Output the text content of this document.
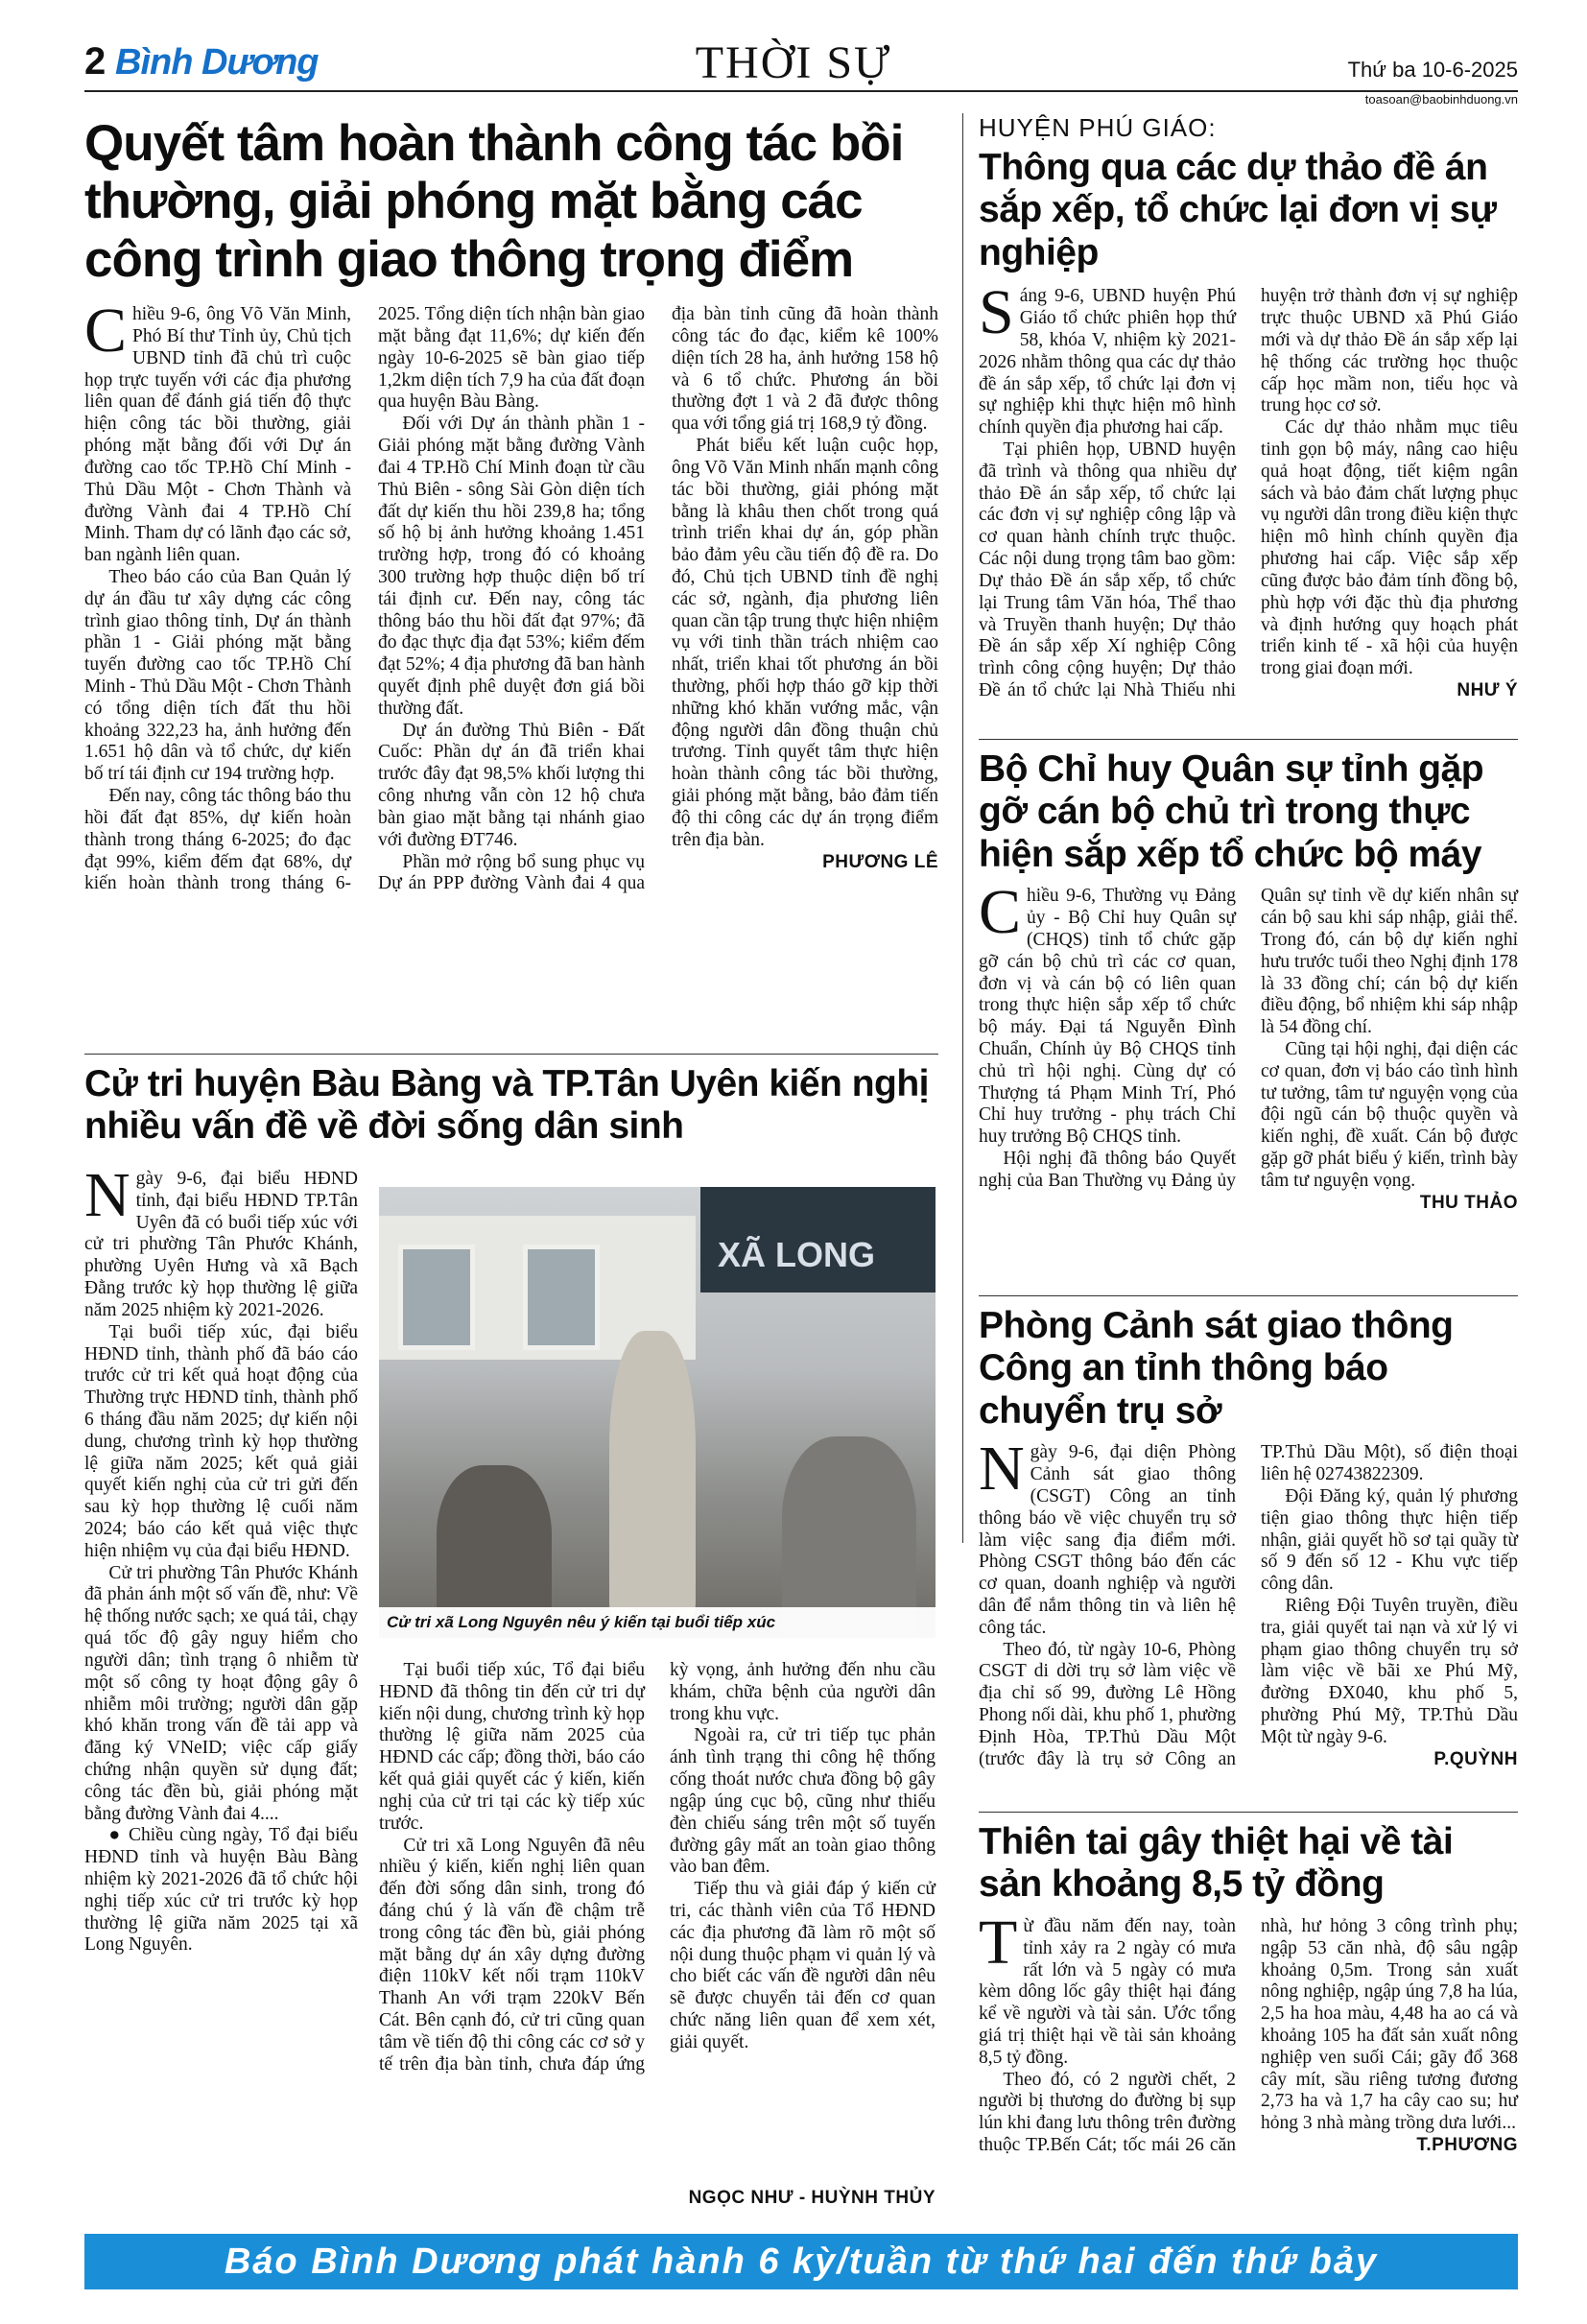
2 Bình Dương	THỜI SỰ	Thứ ba 10-6-2025
toasoan@baobinhduong.vn
Quyết tâm hoàn thành công tác bồi thường, giải phóng mặt bằng các công trình giao thông trọng điểm

Chiều 9-6, ông Võ Văn Minh, Phó Bí thư Tỉnh ủy, Chủ tịch UBND tỉnh đã chủ trì cuộc họp trực tuyến với các địa phương liên quan để đánh giá tiến độ thực hiện công tác bồi thường, giải phóng mặt bằng đối với Dự án đường cao tốc TP.Hồ Chí Minh - Thủ Dầu Một - Chơn Thành và đường Vành đai 4 TP.Hồ Chí Minh. Tham dự có lãnh đạo các sở, ban ngành liên quan.

Theo báo cáo của Ban Quản lý dự án đầu tư xây dựng các công trình giao thông tỉnh, Dự án thành phần 1 - Giải phóng mặt bằng tuyến đường cao tốc TP.Hồ Chí Minh - Thủ Dầu Một - Chơn Thành có tổng diện tích đất thu hồi khoảng 322,23 ha, ảnh hưởng đến 1.651 hộ dân và tổ chức, dự kiến bố trí tái định cư 194 trường hợp.

Đến nay, công tác thông báo thu hồi đất đạt 85%, dự kiến hoàn thành trong tháng 6-2025; đo đạc đạt 99%, kiểm đếm đạt 68%, dự kiến hoàn thành trong tháng 6-2025. Tổng diện tích nhận bàn giao mặt bằng đạt 11,6%; dự kiến đến ngày 10-6-2025 sẽ bàn giao tiếp 1,2km diện tích 7,9 ha của đất đoạn qua huyện Bàu Bàng.

Đối với Dự án thành phần 1 - Giải phóng mặt bằng đường Vành đai 4 TP.Hồ Chí Minh đoạn từ cầu Thủ Biên - sông Sài Gòn diện tích đất dự kiến thu hồi 239,8 ha; tổng số hộ bị ảnh hưởng khoảng 1.451 trường hợp, trong đó có khoảng 300 trường hợp thuộc diện bố trí tái định cư. Đến nay, công tác thông báo thu hồi đất đạt 97%; đã đo đạc thực địa đạt 53%; kiểm đếm đạt 52%; 4 địa phương đã ban hành quyết định phê duyệt đơn giá bồi thường đất.

Dự án đường Thủ Biên - Đất Cuốc: Phần dự án đã triển khai trước đây đạt 98,5% khối lượng thi công nhưng vẫn còn 12 hộ chưa bàn giao mặt bằng tại nhánh giao với đường ĐT746.

Phần mở rộng bổ sung phục vụ Dự án PPP đường Vành đai 4 qua địa bàn tỉnh cũng đã hoàn thành công tác đo đạc, kiểm kê 100% diện tích 28 ha, ảnh hưởng 158 hộ và 6 tổ chức. Phương án bồi thường đợt 1 và 2 đã được thông qua với tổng giá trị 168,9 tỷ đồng.

Phát biểu kết luận cuộc họp, ông Võ Văn Minh nhấn mạnh công tác bồi thường, giải phóng mặt bằng là khâu then chốt trong quá trình triển khai dự án, góp phần bảo đảm yêu cầu tiến độ đề ra. Do đó, Chủ tịch UBND tỉnh đề nghị các sở, ngành, địa phương liên quan cần tập trung thực hiện nhiệm vụ với tinh thần trách nhiệm cao nhất, triển khai tốt phương án bồi thường, phối hợp tháo gỡ kịp thời những khó khăn vướng mắc, vận động người dân đồng thuận chủ trương. Tỉnh quyết tâm thực hiện hoàn thành công tác bồi thường, giải phóng mặt bằng, bảo đảm tiến độ thi công các dự án trọng điểm trên địa bàn.

PHƯƠNG LÊ
Cử tri huyện Bàu Bàng và TP.Tân Uyên kiến nghị nhiều vấn đề về đời sống dân sinh

Ngày 9-6, đại biểu HĐND tỉnh, đại biểu HĐND TP.Tân Uyên đã có buổi tiếp xúc với cử tri phường Tân Phước Khánh, phường Uyên Hưng và xã Bạch Đằng trước kỳ họp thường lệ giữa năm 2025 nhiệm kỳ 2021-2026.

Tại buổi tiếp xúc, đại biểu HĐND tỉnh, thành phố đã báo cáo trước cử tri kết quả hoạt động của Thường trực HĐND tỉnh, thành phố 6 tháng đầu năm 2025; dự kiến nội dung, chương trình kỳ họp thường lệ giữa năm 2025; kết quả giải quyết kiến nghị của cử tri gửi đến sau kỳ họp thường lệ cuối năm 2024; báo cáo kết quả việc thực hiện nhiệm vụ của đại biểu HĐND.

Cử tri phường Tân Phước Khánh đã phản ánh một số vấn đề, như: Về hệ thống nước sạch; xe quá tải, chạy quá tốc độ gây nguy hiểm cho người dân; tình trạng ô nhiễm từ một số công ty hoạt động gây ô nhiễm môi trường; người dân gặp khó khăn trong vấn đề tải app và đăng ký VNeID; việc cấp giấy chứng nhận quyền sử dụng đất; công tác đền bù, giải phóng mặt bằng đường Vành đai 4....

● Chiều cùng ngày, Tổ đại biểu HĐND tỉnh và huyện Bàu Bàng nhiệm kỳ 2021-2026 đã tổ chức hội nghị tiếp xúc cử tri trước kỳ họp thường lệ giữa năm 2025 tại xã Long Nguyên.

XÃ LONG
Cử tri xã Long Nguyên nêu ý kiến tại buổi tiếp xúc

Tại buổi tiếp xúc, Tổ đại biểu HĐND đã thông tin đến cử tri dự kiến nội dung, chương trình kỳ họp thường lệ giữa năm 2025 của HĐND các cấp; đồng thời, báo cáo kết quả giải quyết các ý kiến, kiến nghị của cử tri tại các kỳ tiếp xúc trước.

Cử tri xã Long Nguyên đã nêu nhiều ý kiến, kiến nghị liên quan đến đời sống dân sinh, trong đó đáng chú ý là vấn đề chậm trễ trong công tác đền bù, giải phóng mặt bằng dự án xây dựng đường điện 110kV kết nối trạm 110kV Thanh An với trạm 220kV Bến Cát. Bên cạnh đó, cử tri cũng quan tâm về tiến độ thi công các cơ sở y tế trên địa bàn tỉnh, chưa đáp ứng kỳ vọng, ảnh hưởng đến nhu cầu khám, chữa bệnh của người dân trong khu vực.

Ngoài ra, cử tri tiếp tục phản ánh tình trạng thi công hệ thống cống thoát nước chưa đồng bộ gây ngập úng cục bộ, cũng như thiếu đèn chiếu sáng trên một số tuyến đường gây mất an toàn giao thông vào ban đêm.

Tiếp thu và giải đáp ý kiến cử tri, các thành viên của Tổ HĐND các địa phương đã làm rõ một số nội dung thuộc phạm vi quản lý và cho biết các vấn đề người dân nêu sẽ được chuyển tải đến cơ quan chức năng liên quan để xem xét, giải quyết.

NGỌC NHƯ - HUỲNH THỦY
HUYỆN PHÚ GIÁO:
Thông qua các dự thảo đề án sắp xếp, tổ chức lại đơn vị sự nghiệp

Sáng 9-6, UBND huyện Phú Giáo tổ chức phiên họp thứ 58, khóa V, nhiệm kỳ 2021-2026 nhằm thông qua các dự thảo đề án sắp xếp, tổ chức lại đơn vị sự nghiệp khi thực hiện mô hình chính quyền địa phương hai cấp.

Tại phiên họp, UBND huyện đã trình và thông qua nhiều dự thảo Đề án sắp xếp, tổ chức lại các đơn vị sự nghiệp công lập và cơ quan hành chính trực thuộc. Các nội dung trọng tâm bao gồm: Dự thảo Đề án sắp xếp, tổ chức lại Trung tâm Văn hóa, Thể thao và Truyền thanh huyện; Dự thảo Đề án sắp xếp Xí nghiệp Công trình công cộng huyện; Dự thảo Đề án tổ chức lại Nhà Thiếu nhi huyện trở thành đơn vị sự nghiệp trực thuộc UBND xã Phú Giáo mới và dự thảo Đề án sắp xếp lại hệ thống các trường học thuộc cấp học mầm non, tiểu học và trung học cơ sở.

Các dự thảo nhằm mục tiêu tinh gọn bộ máy, nâng cao hiệu quả hoạt động, tiết kiệm ngân sách và bảo đảm chất lượng phục vụ người dân trong điều kiện thực hiện mô hình chính quyền địa phương hai cấp. Việc sắp xếp cũng được bảo đảm tính đồng bộ, phù hợp với đặc thù địa phương và định hướng quy hoạch phát triển kinh tế - xã hội của huyện trong giai đoạn mới.

NHƯ Ý
Bộ Chỉ huy Quân sự tỉnh gặp gỡ cán bộ chủ trì trong thực hiện sắp xếp tổ chức bộ máy

Chiều 9-6, Thường vụ Đảng ủy - Bộ Chỉ huy Quân sự (CHQS) tỉnh tổ chức gặp gỡ cán bộ chủ trì các cơ quan, đơn vị và cán bộ có liên quan trong thực hiện sắp xếp tổ chức bộ máy. Đại tá Nguyễn Đình Chuẩn, Chính ủy Bộ CHQS tỉnh chủ trì hội nghị. Cùng dự có Thượng tá Phạm Minh Trí, Phó Chỉ huy trưởng - phụ trách Chỉ huy trưởng Bộ CHQS tỉnh.

Hội nghị đã thông báo Quyết nghị của Ban Thường vụ Đảng ủy Quân sự tỉnh về dự kiến nhân sự cán bộ sau khi sáp nhập, giải thể. Trong đó, cán bộ dự kiến nghỉ hưu trước tuổi theo Nghị định 178 là 33 đồng chí; cán bộ dự kiến điều động, bổ nhiệm khi sáp nhập là 54 đồng chí.

Cũng tại hội nghị, đại diện các cơ quan, đơn vị báo cáo tình hình tư tưởng, tâm tư nguyện vọng của đội ngũ cán bộ thuộc quyền và kiến nghị, đề xuất. Cán bộ được gặp gỡ phát biểu ý kiến, trình bày tâm tư nguyện vọng.

THU THẢO
Phòng Cảnh sát giao thông Công an tỉnh thông báo chuyển trụ sở

Ngày 9-6, đại diện Phòng Cảnh sát giao thông (CSGT) Công an tỉnh thông báo về việc chuyển trụ sở làm việc sang địa điểm mới. Phòng CSGT thông báo đến các cơ quan, doanh nghiệp và người dân để nắm thông tin và liên hệ công tác.

Theo đó, từ ngày 10-6, Phòng CSGT di dời trụ sở làm việc về địa chỉ số 99, đường Lê Hồng Phong nối dài, khu phố 1, phường Định Hòa, TP.Thủ Dầu Một (trước đây là trụ sở Công an TP.Thủ Dầu Một), số điện thoại liên hệ 02743822309.

Đội Đăng ký, quản lý phương tiện giao thông thực hiện tiếp nhận, giải quyết hồ sơ tại quầy từ số 9 đến số 12 - Khu vực tiếp công dân.

Riêng Đội Tuyên truyền, điều tra, giải quyết tai nạn và xử lý vi phạm giao thông chuyển trụ sở làm việc về bãi xe Phú Mỹ, đường ĐX040, khu phố 5, phường Phú Mỹ, TP.Thủ Dầu Một từ ngày 9-6.

P.QUỲNH
Thiên tai gây thiệt hại về tài sản khoảng 8,5 tỷ đồng

Từ đầu năm đến nay, toàn tỉnh xảy ra 2 ngày có mưa rất lớn và 5 ngày có mưa kèm dông lốc gây thiệt hại đáng kể về người và tài sản. Ước tổng giá trị thiệt hại về tài sản khoảng 8,5 tỷ đồng.

Theo đó, có 2 người chết, 2 người bị thương do đường bị sụp lún khi đang lưu thông trên đường thuộc TP.Bến Cát; tốc mái 26 căn nhà, hư hỏng 3 công trình phụ; ngập 53 căn nhà, độ sâu ngập khoảng 0,5m. Trong sản xuất nông nghiệp, ngập úng 7,8 ha lúa, 2,5 ha hoa màu, 4,48 ha ao cá và khoảng 105 ha đất sản xuất nông nghiệp ven suối Cái; gãy đổ 368 cây mít, sầu riêng tương đương 2,73 ha và 1,7 ha cây cao su; hư hỏng 3 nhà màng trồng dưa lưới...

T.PHƯƠNG
Báo Bình Dương phát hành 6 kỳ/tuần từ thứ hai đến thứ bảy
